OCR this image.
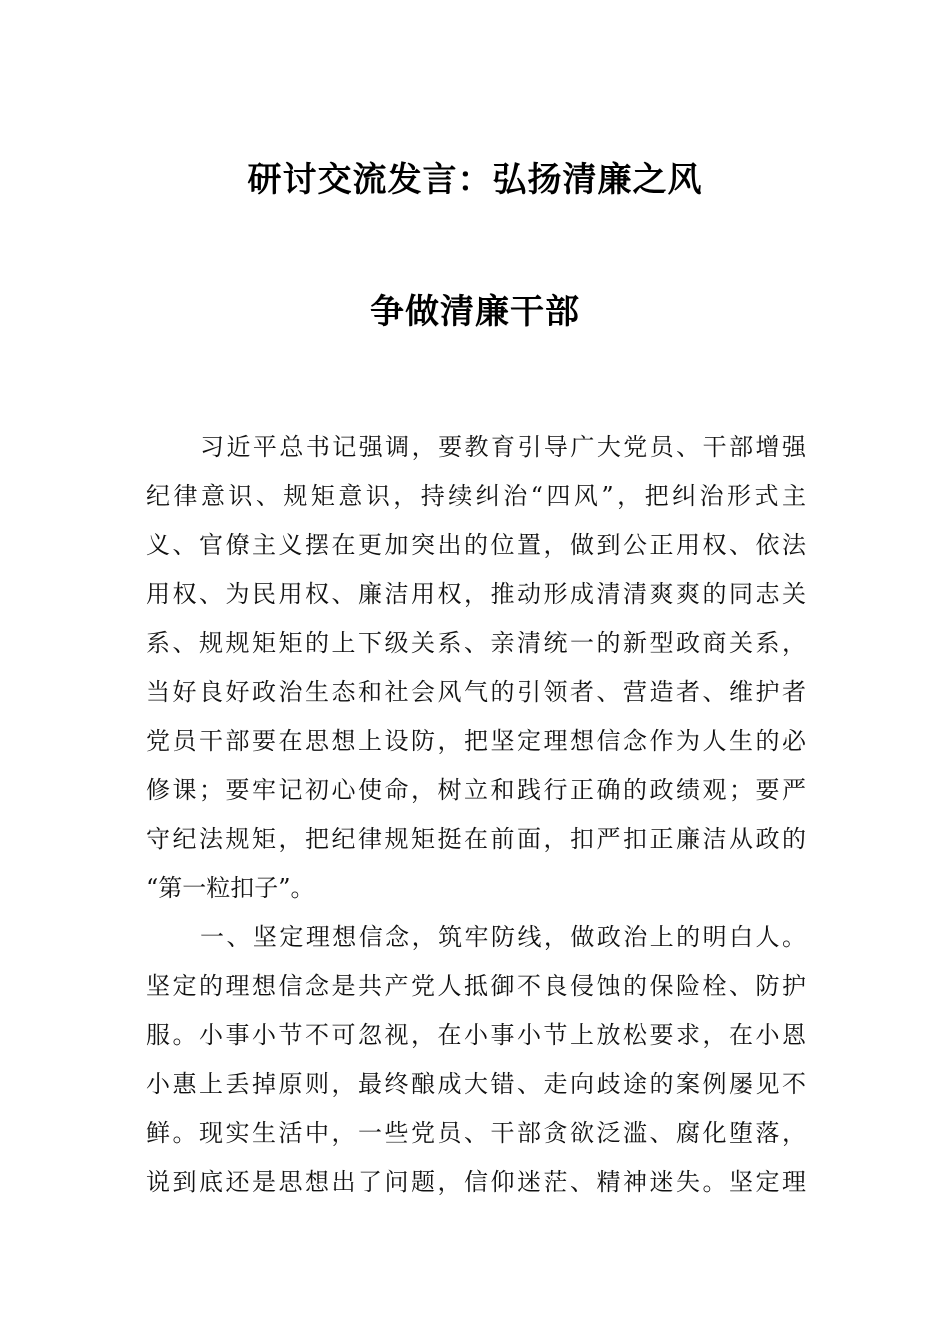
研讨交流发言：弘扬清廉之风
争做清廉干部
习近平总书记强调，要教育引导广大党员、干部增强
纪律意识、规矩意识，持续纠治“四风”，把纠治形式主
义、官僚主义摆在更加突出的位置，做到公正用权、依法
用权、为民用权、廉洁用权，推动形成清清爽爽的同志关
系、规规矩矩的上下级关系、亲清统一的新型政商关系，
当好良好政治生态和社会风气的引领者、营造者、维护者
党员干部要在思想上设防，把坚定理想信念作为人生的必
修课；要牢记初心使命，树立和践行正确的政绩观；要严
守纪法规矩，把纪律规矩挺在前面，扣严扣正廉洁从政的
“第一粒扣子”。
一、坚定理想信念，筑牢防线，做政治上的明白人。
坚定的理想信念是共产党人抵御不良侵蚀的保险栓、防护
服。小事小节不可忽视，在小事小节上放松要求，在小恩
小惠上丢掉原则，最终酿成大错、走向歧途的案例屡见不
鲜。现实生活中，一些党员、干部贪欲泛滥、腐化堕落，
说到底还是思想出了问题，信仰迷茫、精神迷失。坚定理
